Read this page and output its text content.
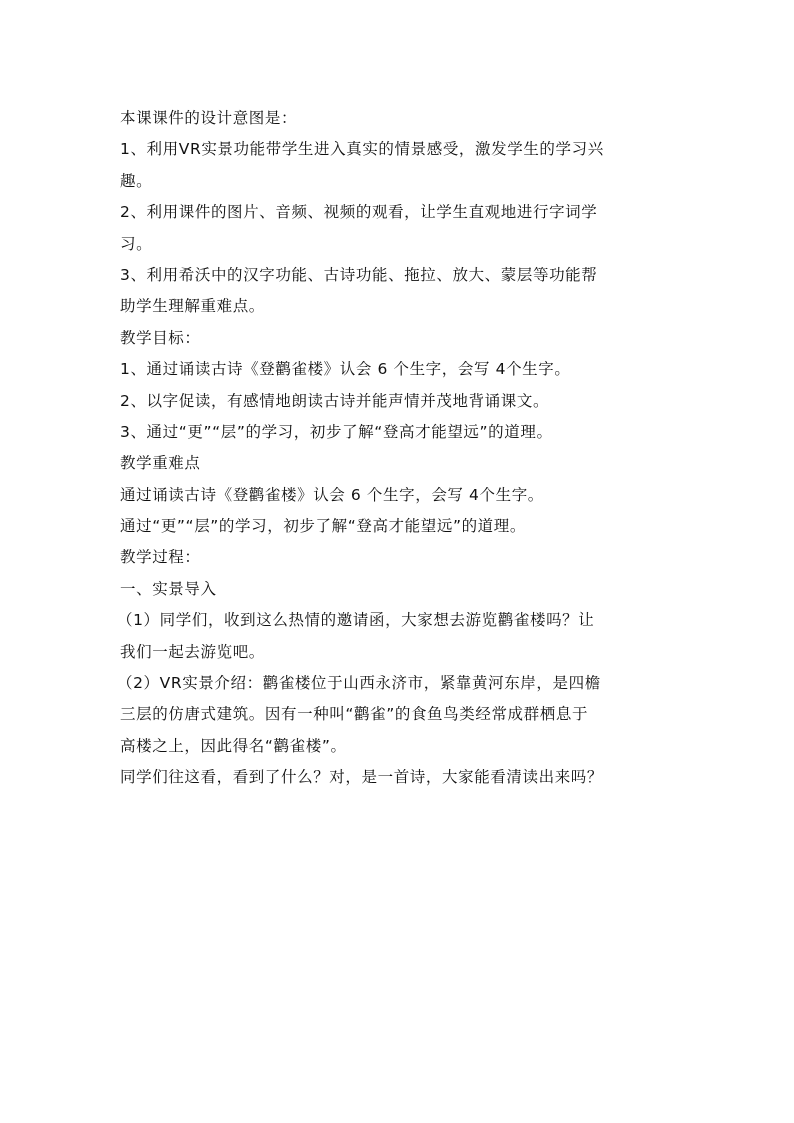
本课课件的设计意图是：
1、利用VR实景功能带学生进入真实的情景感受，激发学生的学习兴
趣。
2、利用课件的图片、音频、视频的观看，让学生直观地进行字词学
习。
3、利用希沃中的汉字功能、古诗功能、拖拉、放大、蒙层等功能帮
助学生理解重难点。
教学目标：
1、通过诵读古诗《登鹳雀楼》认会 6 个生字，会写 4个生字。
2、以字促读，有感情地朗读古诗并能声情并茂地背诵课文。
3、通过“更”“层”的学习，初步了解“登高才能望远”的道理。
教学重难点
通过诵读古诗《登鹳雀楼》认会 6 个生字，会写 4个生字。
通过“更”“层”的学习，初步了解“登高才能望远”的道理。
教学过程：
一、实景导入
（1）同学们，收到这么热情的邀请函，大家想去游览鹳雀楼吗？让
我们一起去游览吧。
（2）VR实景介绍：鹳雀楼位于山西永济市，紧靠黄河东岸，是四檐
三层的仿唐式建筑。因有一种叫“鹳雀”的食鱼鸟类经常成群栖息于
高楼之上，因此得名“鹳雀楼”。
同学们往这看，看到了什么？对，是一首诗，大家能看清读出来吗？
